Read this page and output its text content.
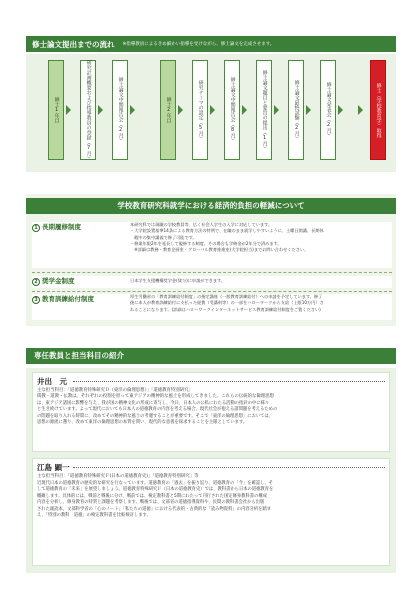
修士論文提出までの流れ ※指導教員によるきめ細かい指導を受けながら、修士論文を完成させます。
修士1年目	研究計画概要および指導教員の登録（7月）	修士論文中間報告会（2月）	修士2年目	研究テーマの設定（5月）	修士論文中間報告会（8月）	修士論文題目と要旨の提出（1月）	修士論文最終試験（2月）	修士論文発表会（2月）	修士（学校教育学）取得
学校教育研究科就学における経済的負担の軽減について
1 長期履修制度	本研究科では現職の学校教員等、広く社会人学生の入学に対応しています。
・大学院設置基準14条による教育方法の特例で、在職のまま就学しやすいように、土曜日開講、長期休
　暇中の集中講義で修了可能です。
・修業年限2年を延長して履修する制度。その場合も学納金が2年分で済みます。
　※詳細は教務・教育企画室・グローバル教育推進室(大学院担当)までお問い合わせください。
2 奨学金制度	日本学生支援機構奨学金(貸与)に申請ができます。
3 教育訓練給付制度	厚生労働省の「教育訓練給付制度」の指定講座（一般教育訓練給付）への申請を予定しています。修了
後に本人が教育訓練給付に支払った経費（受講料等）の一部をハローワークから支給（上限10万円）さ
れることになります。(詳細はハローワークインターネットサービス教育訓練給付制度をご覧ください)
専任教員と担当科目の紹介
井出　元
主な担当科目：「道徳教育特殊研究Ｄ（東洋の倫理思想）」「道徳教育特別研究」
儒教・道教・仏教は、それぞれの役割を担って東アジアの精神的な風土を形成してきました。これらの伝統的な倫理思想
は、東アジア諸国に影響を与え、我が国の精神文化の形成に寄与し、今日、日本人の公私にわたる活動の指針の中に様々
と生き続けています。よって現代においても日本人の道徳教育の内容を考える場合、現代社会が抱える諸問題を考えるための
の問題を取り入れる時間に、改めてその精神的な風土の考慮することが重要です。そこで「東洋の倫理思想」においては、
思想の源流に遡り、改めて東洋の倫理思想の本質を問い、現代的な意義を探求することを主眼としています。
江島 顕一
主な担当科目：「道徳教育特殊研究Ｆ(日本の道徳教育史)」「道徳教育特別研究」等
近現代日本の道徳教育の歴史的な研究を行なっています。道徳教育の「過去」を振り返り、道徳教育の「今」を確認し、そ
して道徳教育の「未来」を展望しましょう。道徳教育特殊研究Ｆ（日本の道徳教育史）では、教科書から日本の道徳教育を
概観します。具体的には、戦前と戦後に分け、戦前では、検定教科書と5期にわたって刊行された国定修身教科書の構成
内容を分析し、修身教育の特質と課題を考察します。戦後では、文部省の道徳指導資料や、民間の教科書会社から出版
された副読本、文部科学省の「心のノート」「私たちの道徳」における代表的・古典的な「読み物資料」の内容分析を踏ま
え、「特別の教科　道徳」の検定教科書を比較検討します。
